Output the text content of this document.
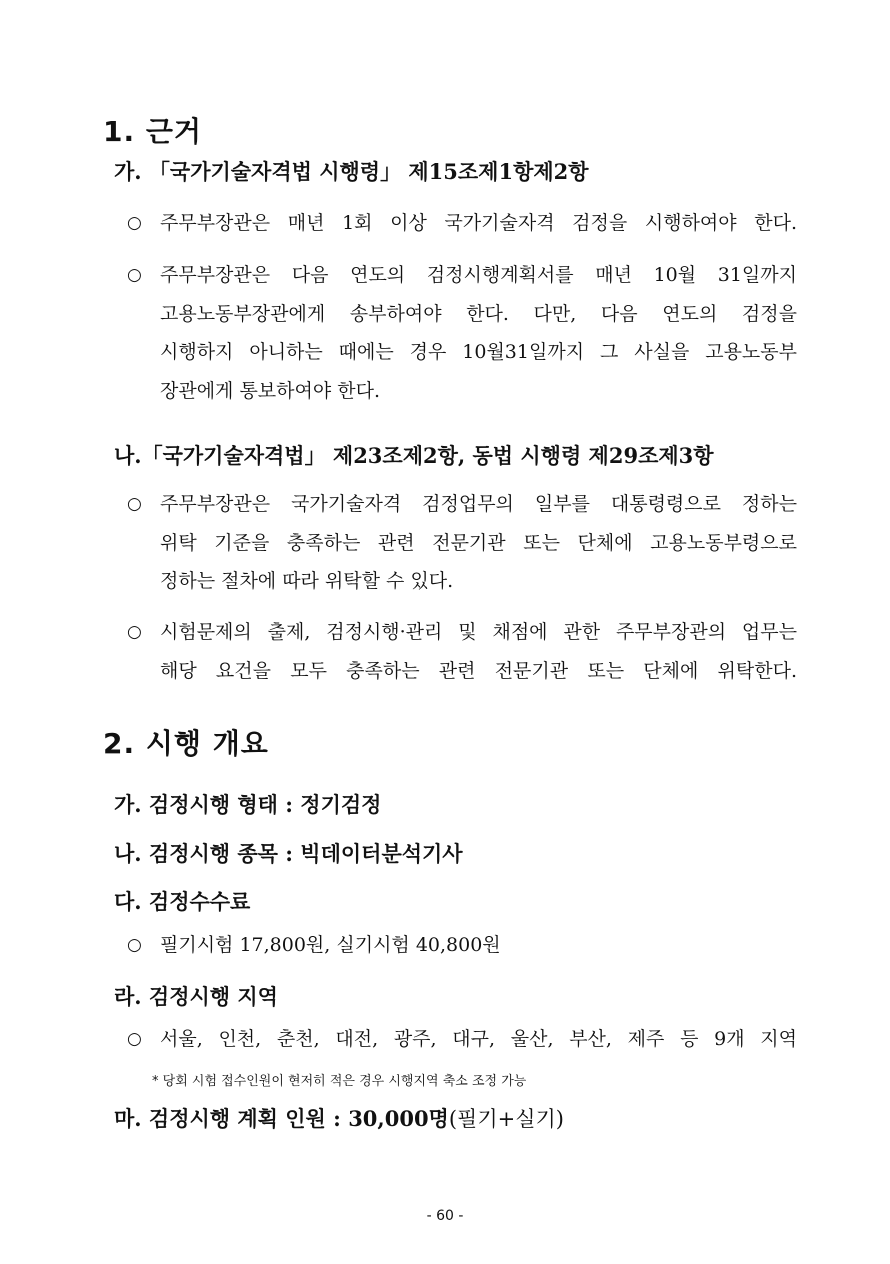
1. 근거
가. 「국가기술자격법 시행령」 제15조제1항제2항
○ 주무부장관은 매년 1회 이상 국가기술자격 검정을 시행하여야 한다.
○ 주무부장관은 다음 연도의 검정시행계획서를 매년 10월 31일까지
고용노동부장관에게 송부하여야 한다. 다만, 다음 연도의 검정을
시행하지 아니하는 때에는 경우 10월31일까지 그 사실을 고용노동부
장관에게 통보하여야 한다.
나.「국가기술자격법」 제23조제2항, 동법 시행령 제29조제3항
○ 주무부장관은 국가기술자격 검정업무의 일부를 대통령령으로 정하는
위탁 기준을 충족하는 관련 전문기관 또는 단체에 고용노동부령으로
정하는 절차에 따라 위탁할 수 있다.
○ 시험문제의 출제, 검정시행·관리 및 채점에 관한 주무부장관의 업무는
해당 요건을 모두 충족하는 관련 전문기관 또는 단체에 위탁한다.
2. 시행 개요
가. 검정시행 형태 : 정기검정
나. 검정시행 종목 : 빅데이터분석기사
다. 검정수수료
○ 필기시험 17,800원, 실기시험 40,800원
라. 검정시행 지역
○ 서울, 인천, 춘천, 대전, 광주, 대구, 울산, 부산, 제주 등 9개 지역
* 당회 시험 접수인원이 현저히 적은 경우 시행지역 축소 조정 가능
마. 검정시행 계획 인원 : 30,000명(필기+실기)
- 60 -
